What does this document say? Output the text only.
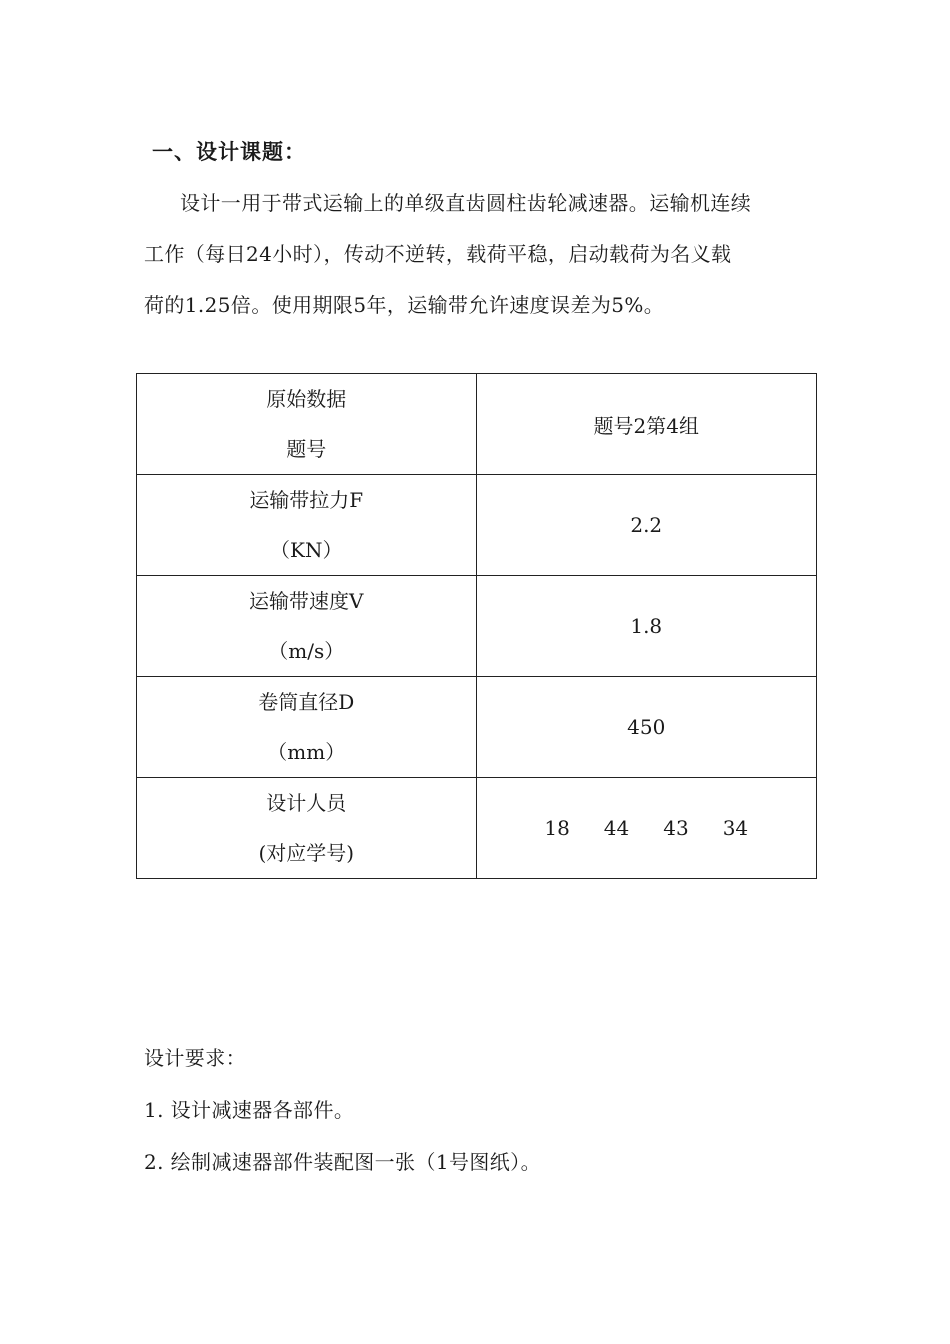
一、设计课题：
设计一用于带式运输上的单级直齿圆柱齿轮减速器。运输机连续
工作（每日24小时），传动不逆转，载荷平稳，启动载荷为名义载
荷的1.25倍。使用期限5年，运输带允许速度误差为5%。
原始数据
题号	题号2第4组

运输带拉力F
（KN）	2.2

运输带速度V
（m/s）	1.8

卷筒直径D
（mm）	450

设计人员
(对应学号)	18 44 43 34
设计要求：
1. 设计减速器各部件。
2. 绘制减速器部件装配图一张（1号图纸）。
